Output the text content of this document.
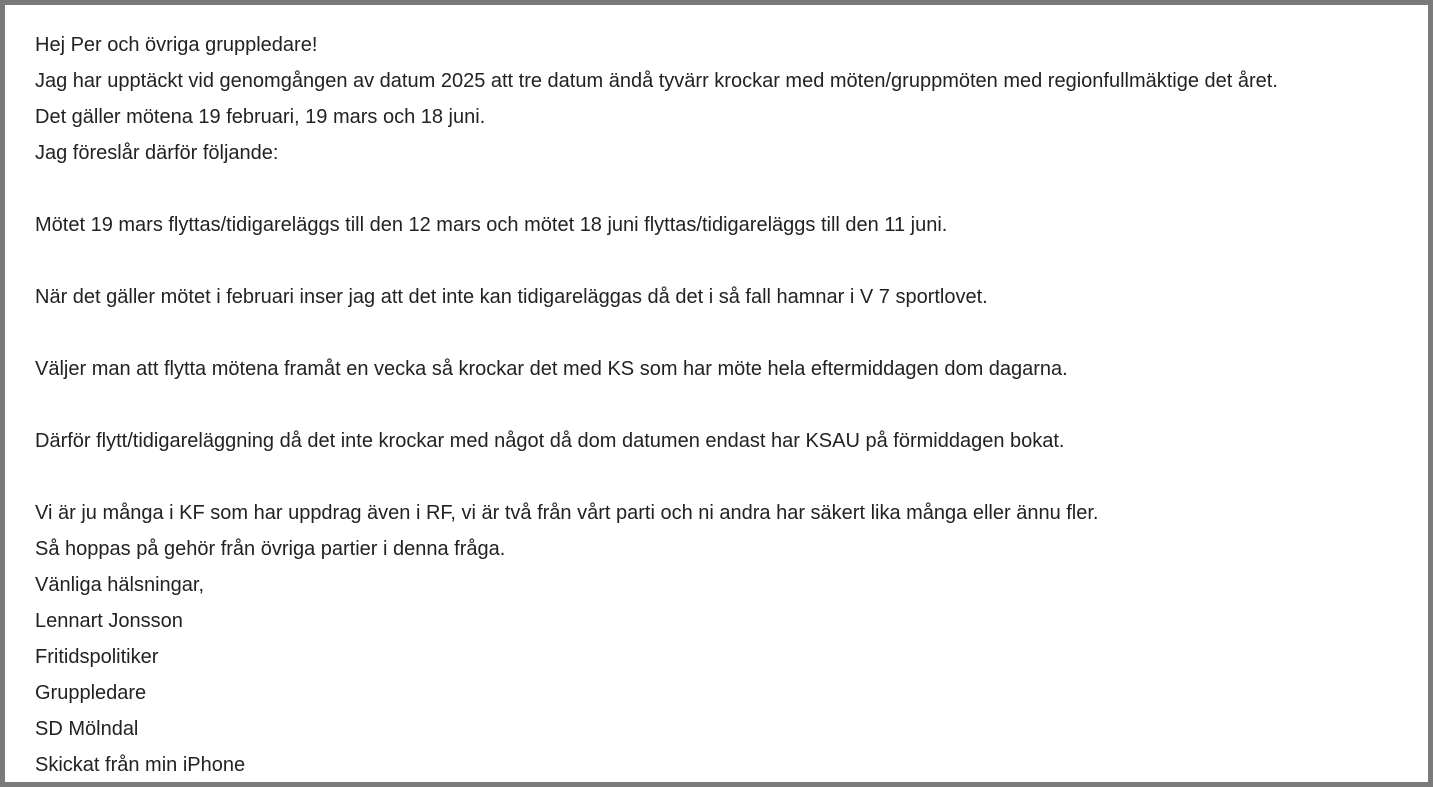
Hej Per och övriga gruppledare!
Jag har upptäckt vid genomgången av datum 2025 att tre datum ändå tyvärr krockar med möten/gruppmöten med regionfullmäktige det året.
Det gäller mötena 19 februari, 19 mars och 18 juni.
Jag föreslår därför följande:
Mötet 19 mars flyttas/tidigareläggs till den 12 mars och mötet 18 juni flyttas/tidigareläggs till den 11 juni.
När det gäller mötet i februari inser jag att det inte kan tidigareläggas då det i så fall hamnar i V 7 sportlovet.
Väljer man att flytta mötena framåt en vecka så krockar det med KS som har möte hela eftermiddagen dom dagarna.
Därför flytt/tidigareläggning då det inte krockar med något då dom datumen endast har KSAU på förmiddagen bokat.
Vi är ju många i KF som har uppdrag även i RF, vi är två från vårt parti och ni andra har säkert lika många eller ännu fler.
Så hoppas på gehör från övriga partier i denna fråga.
Vänliga hälsningar,
Lennart Jonsson
Fritidspolitiker
Gruppledare
SD Mölndal
Skickat från min iPhone
